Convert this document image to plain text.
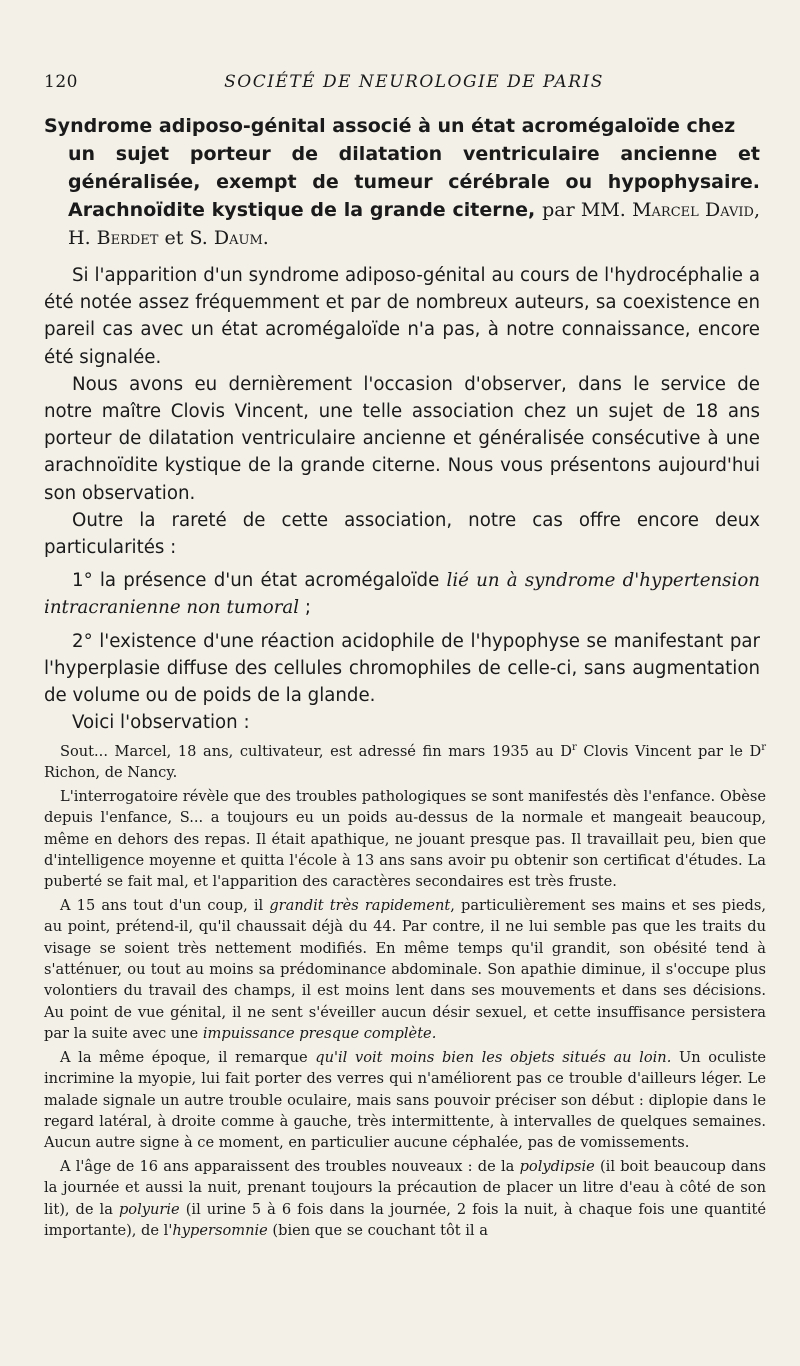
120	SOCIÉTÉ DE NEUROLOGIE DE PARIS
Syndrome adiposo-génital associé à un état acromégaloïde chez
un sujet porteur de dilatation ventriculaire ancienne et généralisée, exempt de tumeur cérébrale ou hypophysaire. Arachnoïdite kystique de la grande citerne, par MM. Marcel David, H. Berdet et S. Daum.

Si l'apparition d'un syndrome adiposo-génital au cours de l'hydrocéphalie a été notée assez fréquemment et par de nombreux auteurs, sa coexistence en pareil cas avec un état acromégaloïde n'a pas, à notre connaissance, encore été signalée.

Nous avons eu dernièrement l'occasion d'observer, dans le service de notre maître Clovis Vincent, une telle association chez un sujet de 18 ans porteur de dilatation ventriculaire ancienne et généralisée consécutive à une arachnoïdite kystique de la grande citerne. Nous vous présentons aujourd'hui son observation.

Outre la rareté de cette association, notre cas offre encore deux particularités :

1° la présence d'un état acromégaloïde lié un à syndrome d'hypertension intracranienne non tumoral ;

2° l'existence d'une réaction acidophile de l'hypophyse se manifestant par l'hyperplasie diffuse des cellules chromophiles de celle-ci, sans augmentation de volume ou de poids de la glande.

Voici l'observation :

Sout... Marcel, 18 ans, cultivateur, est adressé fin mars 1935 au $D^r$ Clovis Vincent par le $D^r$ Richon, de Nancy.

L'interrogatoire révèle que des troubles pathologiques se sont manifestés dès l'enfance. Obèse depuis l'enfance, S... a toujours eu un poids au-dessus de la normale et mangeait beaucoup, même en dehors des repas. Il était apathique, ne jouant presque pas. Il travaillait peu, bien que d'intelligence moyenne et quitta l'école à 13 ans sans avoir pu obtenir son certificat d'études. La puberté se fait mal, et l'apparition des caractères secondaires est très fruste.

A 15 ans tout d'un coup, il grandit très rapidement, particulièrement ses mains et ses pieds, au point, prétend-il, qu'il chaussait déjà du 44. Par contre, il ne lui semble pas que les traits du visage se soient très nettement modifiés. En même temps qu'il grandit, son obésité tend à s'atténuer, ou tout au moins sa prédominance abdominale. Son apathie diminue, il s'occupe plus volontiers du travail des champs, il est moins lent dans ses mouvements et dans ses décisions. Au point de vue génital, il ne sent s'éveiller aucun désir sexuel, et cette insuffisance persistera par la suite avec une impuissance presque complète.

A la même époque, il remarque qu'il voit moins bien les objets situés au loin. Un oculiste incrimine la myopie, lui fait porter des verres qui n'améliorent pas ce trouble d'ailleurs léger. Le malade signale un autre trouble oculaire, mais sans pouvoir préciser son début : diplopie dans le regard latéral, à droite comme à gauche, très intermittente, à intervalles de quelques semaines. Aucun autre signe à ce moment, en particulier aucune céphalée, pas de vomissements.

A l'âge de 16 ans apparaissent des troubles nouveaux : de la polydipsie (il boit beaucoup dans la journée et aussi la nuit, prenant toujours la précaution de placer un litre d'eau à côté de son lit), de la polyurie (il urine 5 à 6 fois dans la journée, 2 fois la nuit, à chaque fois une quantité importante), de l'hypersomnie (bien que se couchant tôt il a
